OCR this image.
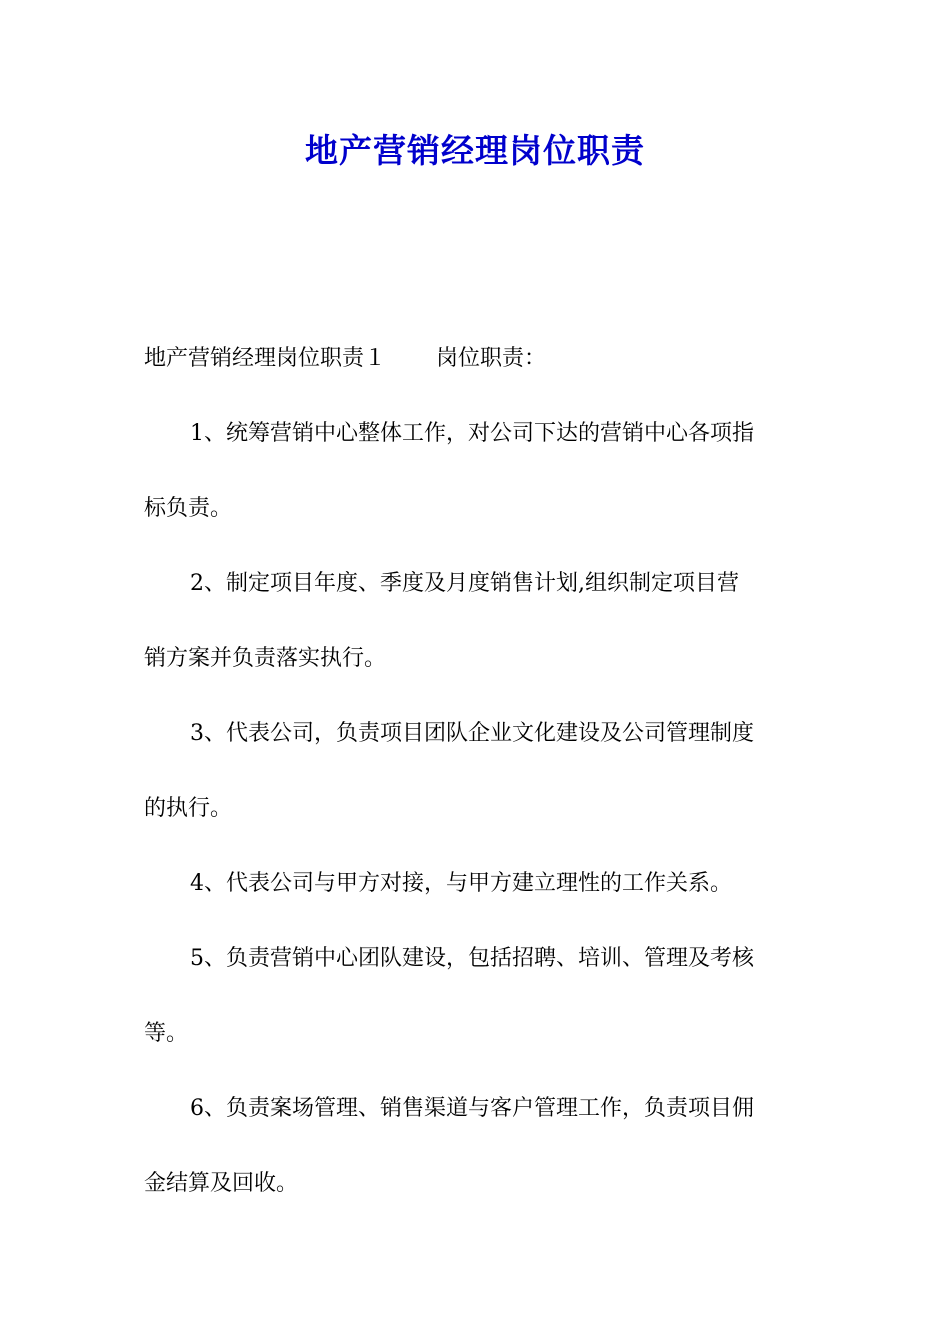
地产营销经理岗位职责
地产营销经理岗位职责１ 岗位职责：
1、统筹营销中心整体工作，对公司下达的营销中心各项指
标负责。
2、制定项目年度、季度及月度销售计划,组织制定项目营
销方案并负责落实执行。
3、代表公司，负责项目团队企业文化建设及公司管理制度
的执行。
4、代表公司与甲方对接，与甲方建立理性的工作关系。
5、负责营销中心团队建设，包括招聘、培训、管理及考核
等。
6、负责案场管理、销售渠道与客户管理工作，负责项目佣
金结算及回收。
